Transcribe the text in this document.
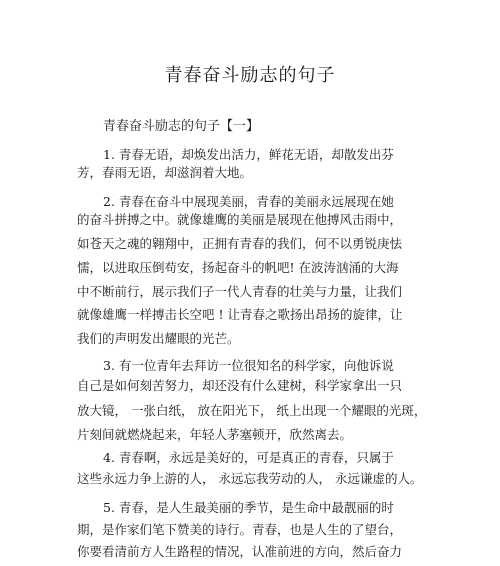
青春奋斗励志的句子
青春奋斗励志的句子【一】
1. 青春无语，却焕发出活力，鲜花无语，却散发出芬
芳，春雨无语，却滋润着大地。
2. 青春在奋斗中展现美丽，青春的美丽永远展现在她
的奋斗拼搏之中。就像雄鹰的美丽是展现在他搏风击雨中，
如苍天之魂的翱翔中，正拥有青春的我们，何不以勇锐庚怯
懦，以进取压倒苟安，扬起奋斗的帆吧! 在波涛汹涌的大海
中不断前行，展示我们子一代人青春的壮美与力量，让我们
就像雄鹰一样搏击长空吧 ! 让青春之歌扬出昂扬的旋律，让
我们的声明发出耀眼的光芒。
3. 有一位青年去拜访一位很知名的科学家，向他诉说
自己是如何刻苦努力，却还没有什么建树，科学家拿出一只
放大镜， 一张白纸， 放在阳光下， 纸上出现一个耀眼的光斑，
片刻间就燃烧起来，年轻人茅塞顿开，欣然离去。
4. 青春啊，永远是美好的，可是真正的青春，只属于
这些永远力争上游的人， 永远忘我劳动的人， 永远谦虚的人。
5. 青春，是人生最美丽的季节，是生命中最靓丽的时
期，是作家们笔下赞美的诗行。青春，也是人生的了望台，
你要看清前方人生路程的情况，认准前进的方向，然后奋力
